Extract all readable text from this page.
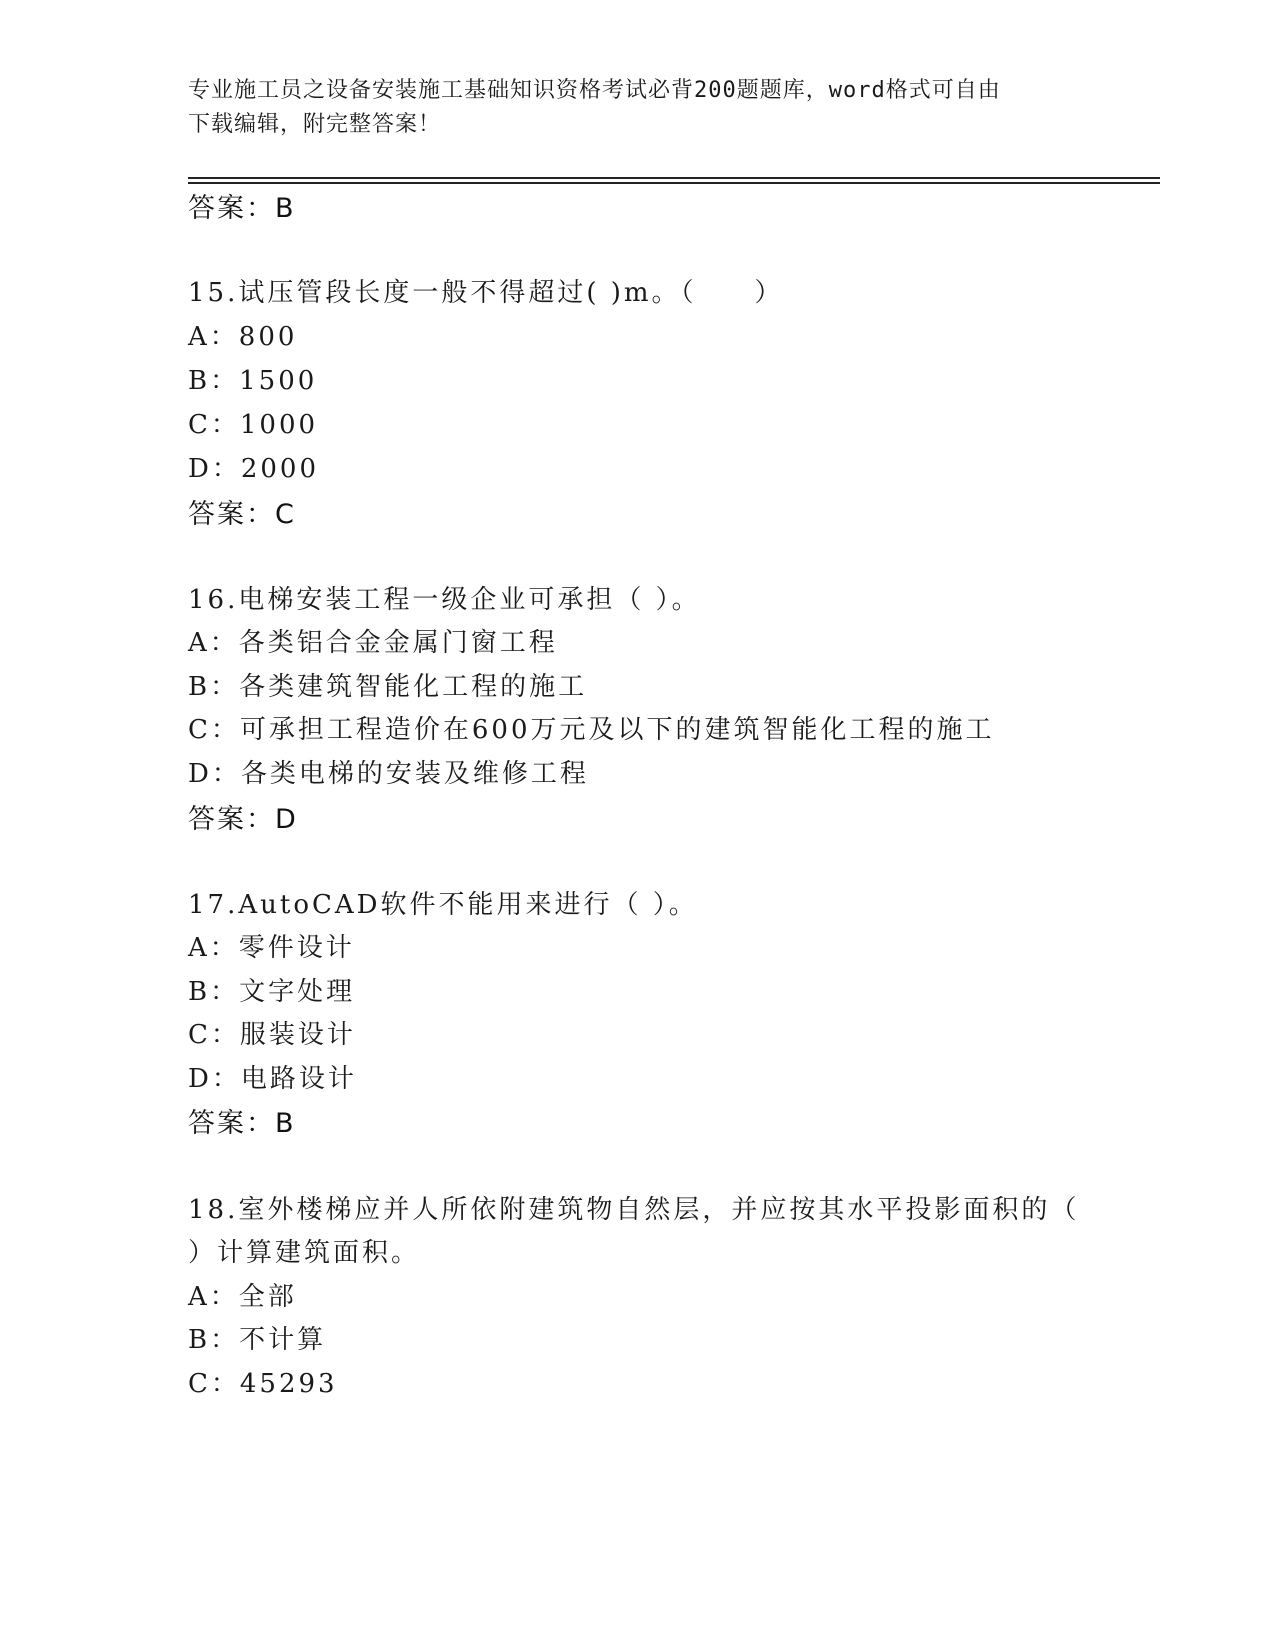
专业施工员之设备安装施工基础知识资格考试必背200题题库，word格式可自由
下载编辑，附完整答案！
答案：B
15.试压管段长度一般不得超过( )m。（　　）
A：800
B：1500
C：1000
D：2000
答案：C
16.电梯安装工程一级企业可承担（ ）。
A：各类铝合金金属门窗工程
B：各类建筑智能化工程的施工
C：可承担工程造价在600万元及以下的建筑智能化工程的施工
D：各类电梯的安装及维修工程
答案：D
17.AutoCAD软件不能用来进行（ ）。
A：零件设计
B：文字处理
C：服装设计
D：电路设计
答案：B
18.室外楼梯应并人所依附建筑物自然层，并应按其水平投影面积的（
）计算建筑面积。
A：全部
B：不计算
C：45293
